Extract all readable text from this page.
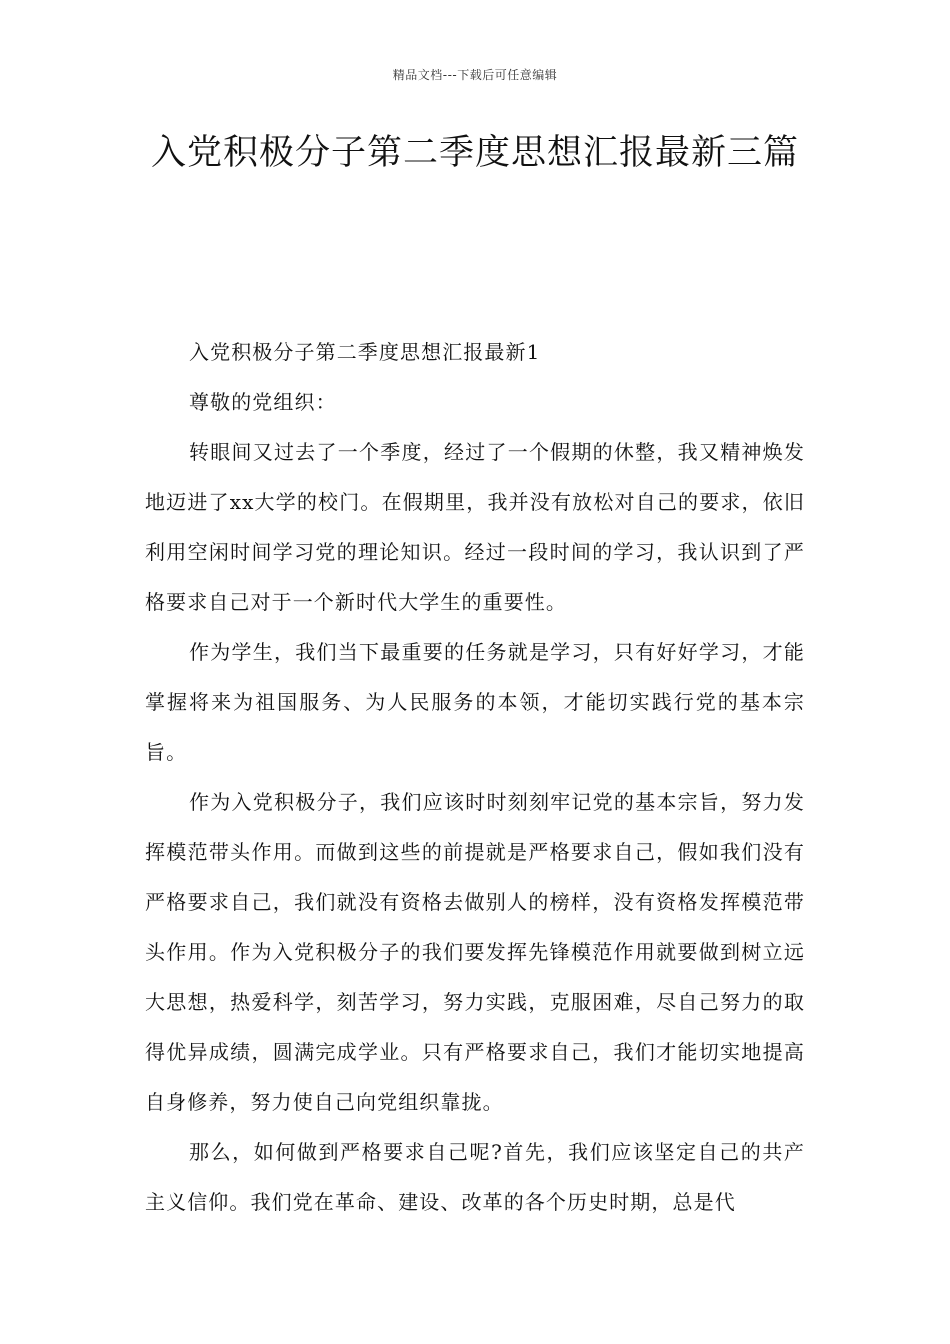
精品文档---下载后可任意编辑
入党积极分子第二季度思想汇报最新三篇

入党积极分子第二季度思想汇报最新1

尊敬的党组织：

转眼间又过去了一个季度，经过了一个假期的休整，我又精神焕发地迈进了xx大学的校门。在假期里，我并没有放松对自己的要求，依旧利用空闲时间学习党的理论知识。经过一段时间的学习，我认识到了严格要求自己对于一个新时代大学生的重要性。

作为学生，我们当下最重要的任务就是学习，只有好好学习，才能掌握将来为祖国服务、为人民服务的本领，才能切实践行党的基本宗旨。

作为入党积极分子，我们应该时时刻刻牢记党的基本宗旨，努力发挥模范带头作用。而做到这些的前提就是严格要求自己，假如我们没有严格要求自己，我们就没有资格去做别人的榜样，没有资格发挥模范带头作用。作为入党积极分子的我们要发挥先锋模范作用就要做到树立远大思想，热爱科学，刻苦学习，努力实践，克服困难，尽自己努力的取得优异成绩，圆满完成学业。只有严格要求自己，我们才能切实地提高自身修养，努力使自己向党组织靠拢。

那么，如何做到严格要求自己呢?首先，我们应该坚定自己的共产主义信仰。我们党在革命、建设、改革的各个历史时期，总是代
